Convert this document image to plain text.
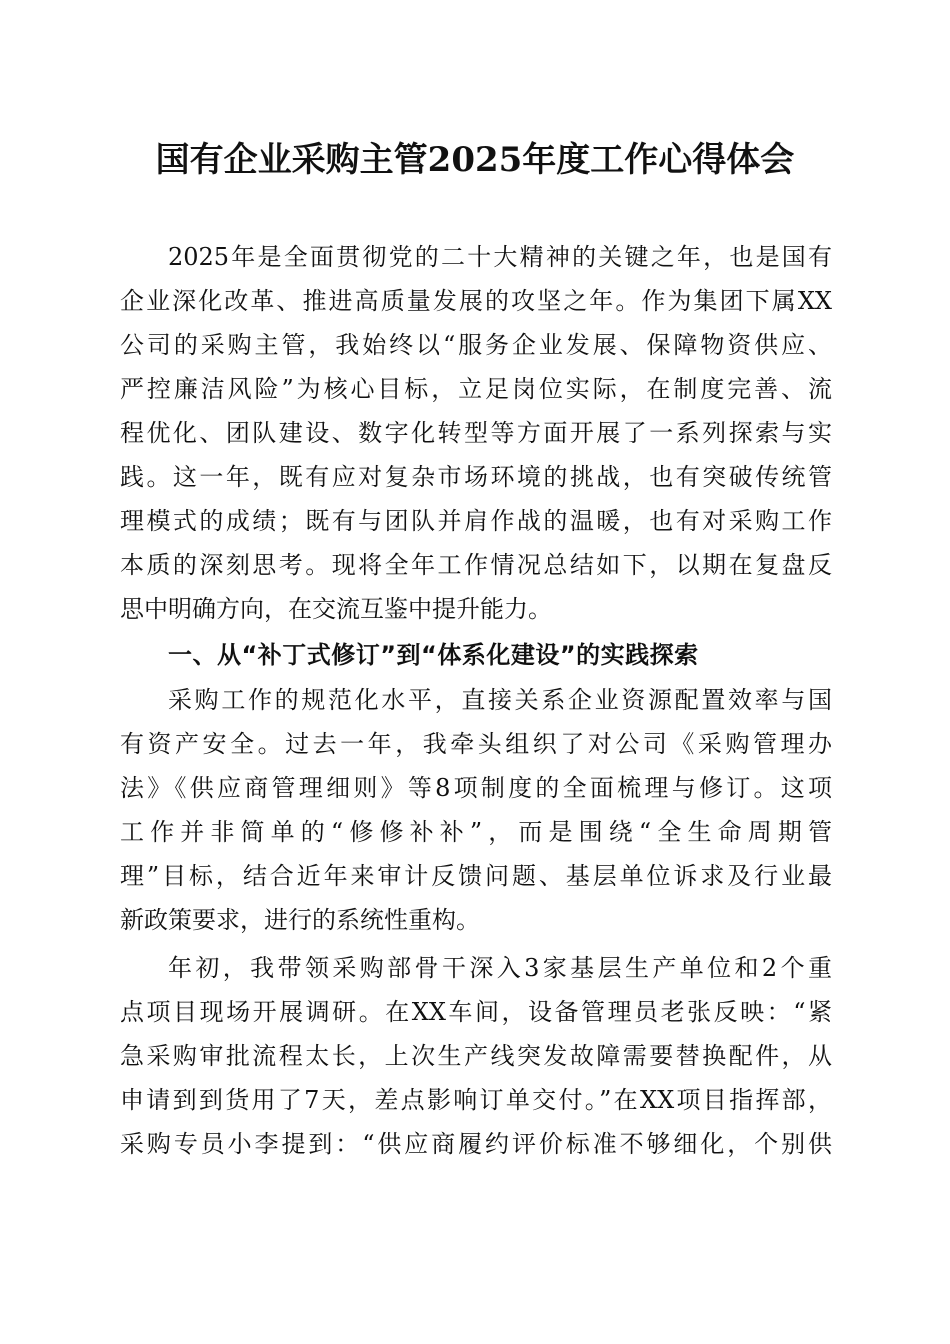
国有企业采购主管2025年度工作心得体会
2025年是全面贯彻党的二十大精神的关键之年，也是国有
企业深化改革、推进高质量发展的攻坚之年。作为集团下属XX
公司的采购主管，我始终以“服务企业发展、保障物资供应、
严控廉洁风险”为核心目标，立足岗位实际，在制度完善、流
程优化、团队建设、数字化转型等方面开展了一系列探索与实
践。这一年，既有应对复杂市场环境的挑战，也有突破传统管
理模式的成绩；既有与团队并肩作战的温暖，也有对采购工作
本质的深刻思考。现将全年工作情况总结如下，以期在复盘反
思中明确方向，在交流互鉴中提升能力。
一、从“补丁式修订”到“体系化建设”的实践探索
采购工作的规范化水平，直接关系企业资源配置效率与国
有资产安全。过去一年，我牵头组织了对公司《采购管理办
法》《供应商管理细则》等8项制度的全面梳理与修订。这项
工作并非简单的“修修补补”，而是围绕“全生命周期管
理”目标，结合近年来审计反馈问题、基层单位诉求及行业最
新政策要求，进行的系统性重构。
年初，我带领采购部骨干深入3家基层生产单位和2个重
点项目现场开展调研。在XX车间，设备管理员老张反映：“紧
急采购审批流程太长，上次生产线突发故障需要替换配件，从
申请到到货用了7天，差点影响订单交付。”在XX项目指挥部，
采购专员小李提到：“供应商履约评价标准不够细化，个别供
